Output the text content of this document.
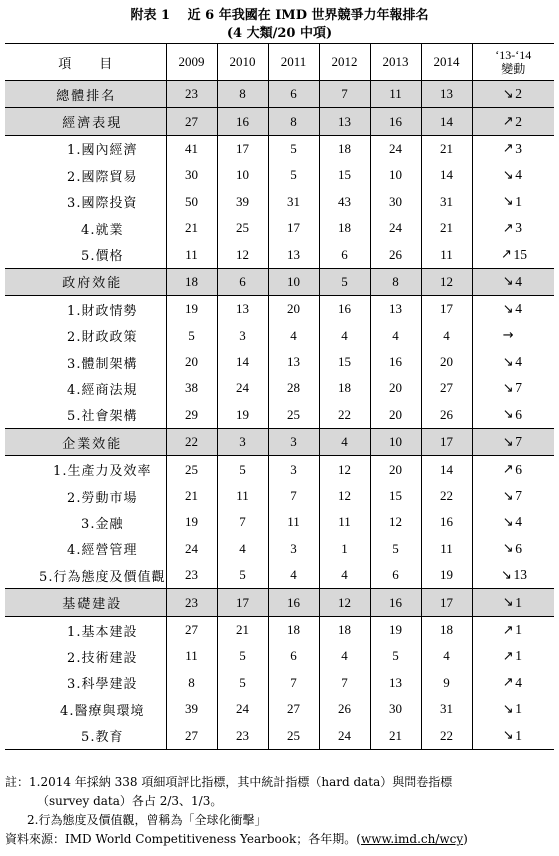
附表 1　 近 6 年我國在 IMD 世界競爭力年報排名
(4 大類/20 中項)
項目	2009	2010	2011	2012	2013	2014	‘13-‘14
變動

總體排名	23	8	6	7	11	13	↘ 2

經濟表現	27	16	8	13	16	14	↗ 2

1.國內經濟	41	17	5	18	24	21	↗ 3

2.國際貿易	30	10	5	15	10	14	↘ 4

3.國際投資	50	39	31	43	30	31	↘ 1

4.就業	21	25	17	18	24	21	↗ 3

5.價格	11	12	13	6	26	11	↗ 15

政府效能	18	6	10	5	8	12	↘ 4

1.財政情勢	19	13	20	16	13	17	↘ 4

2.財政政策	5	3	4	4	4	4	→

3.體制架構	20	14	13	15	16	20	↘ 4

4.經商法規	38	24	28	18	20	27	↘ 7

5.社會架構	29	19	25	22	20	26	↘ 6

企業效能	22	3	3	4	10	17	↘ 7

1.生產力及效率	25	5	3	12	20	14	↗ 6

2.勞動市場	21	11	7	12	15	22	↘ 7

3.金融	19	7	11	11	12	16	↘ 4

4.經營管理	24	4	3	1	5	11	↘ 6

5.行為態度及價值觀	23	5	4	4	6	19	↘ 13

基礎建設	23	17	16	12	16	17	↘ 1

1.基本建設	27	21	18	18	19	18	↗ 1

2.技術建設	11	5	6	4	5	4	↗ 1

3.科學建設	8	5	7	7	13	9	↗ 4

4.醫療與環境	39	24	27	26	30	31	↘ 1

5.教育	27	23	25	24	21	22	↘ 1
註：1.2014 年採納 338 項細項評比指標，其中統計指標（hard data）與問卷指標
（survey data）各占 2/3、1/3。
2.行為態度及價值觀，曾稱為「全球化衝擊」
資料來源：IMD World Competitiveness Yearbook；各年期。(www.imd.ch/wcy)
